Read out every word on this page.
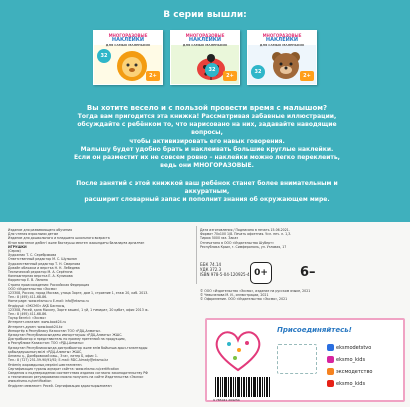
В серии вышли:
МНОГОРАЗОВЫЕ
НАКЛЕЙКИ
ДЛЯ САМЫХ МАЛЕНЬКИХ
32
2+
МНОГОРАЗОВЫЕ
НАКЛЕЙКИ
ДЛЯ САМЫХ МАЛЕНЬКИХ
32
2+
МНОГОРАЗОВЫЕ
НАКЛЕЙКИ
ДЛЯ САМЫХ МАЛЕНЬКИХ
32
2+
Вы хотите весело и с пользой провести время с малышом?
Тогда вам пригодится эта книжка! Рассматривая забавные иллюстрации,
обсуждайте с ребёнком то, что нарисовано на них, задавайте наводящие вопросы,
чтобы активизировать его навык говорения.
Малышу будет удобно брать и наклеивать большие круглые наклейки.
Если он разместит их не совсем ровно – наклейки можно легко переклеить,
ведь они МНОГОРАЗОВЫЕ.
После занятий с этой книжкой ваш ребёнок станет более внимательным и аккуратным,
расширит словарный запас и пополнит знания об окружающем мире.
Издание для развивающего обучения
Для чтения взрослыми детям
Издание для дошкольного и младшего школьного возраста
Кітап мектепке дейінгі және бастауыш мектеп жасындағы балаларға арналған
ИГРУШКИ
(Серия)
Художник Т. С. Серебрякова
Ответственный редактор М. С. Шульман
Художественный редактор Т. Н. Смирнова
Дизайн обложки и верстка Н. Н. Лебедева
Технический редактор М. А. Серёгина
Компьютерная верстка Е. А. Куликова
Корректор Е. В. Лапина
Страна происхождения: Российская Федерация
ООО «Издательство «Эксмо»
123308, Россия, город Москва, улица Зорге, дом 1, строение 1, этаж 20, каб. 2013.
Тел.: 8 (495) 411-68-86.
Home page: www.eksmo.ru E-mail: info@eksmo.ru
Өндіруші: «ЭКСМО» АҚБ Баспасы,
123308, Ресей, қала Мәскеу, Зорге көшесі, 1 үй, 1 ғимарат, 20 қабат, офис 2013 ж.
Тел.: 8 (495) 411-68-86.
Тауар белгісі: «Эксмо»
Интернет-магазин: www.book24.ru
Интернет-дүкен: www.book24.kz
Импортёр в Республику Казахстан ТОО «РДЦ-Алматы».
Қазақстан Республикасындағы импорттаушы «РДЦ-Алматы» ЖШС.
Дистрибьютор и представитель по приему претензий на продукцию,
в Республике Казахстан: ТОО «РДЦ-Алматы»
Қазақстан Республикасында дистрибьютор және өнім бойынша арыз-талаптарды
қабылдаушының өкілі «РДЦ-Алматы» ЖШС,
Алматы қ., Домбровский көш., 3«а», литер Б, офис 1.
Тел.: 8 (727) 251-59-90/91/92; E-mail: RDC-Almaty@eksmo.kz
Өнімнің жарамдылық мерзімі шектелмеген.
Сертификация туралы ақпарат сайтта: www.eksmo.ru/certification
Сведения о подтверждении соответствия издания согласно законодательству РФ
о техническом регулировании можно получить на сайте Издательства «Эксмо»
www.eksmo.ru/certification
Өндірген мемлекет: Ресей. Сертификация қарастырылмаған
Дата изготовления / Подписано в печать 15.06.2021.
Формат 70x100 1/8. Печать офсетная. Усл. печ. л. 1,3.
Тираж 5000 экз. Заказ
Отпечатано в ООО «Издательство Шуберт»
Республика Крым, г. Симферополь, ул. Узловая, 17
ББК 74.14
УДК 372.3
ISBN 978-5-04-120925-4 0+	6–
© ООО «Издательство «Эксмо», издание на русском языке, 2021
© Чевычелова М. И., иллюстрации, 2021
© Оформление. ООО «Издательство «Эксмо», 2021
Присоединяйтесь!
eksmodetstvo
eksmo_kids
эксмодетство
eksmo_kids
9 785041 209254
